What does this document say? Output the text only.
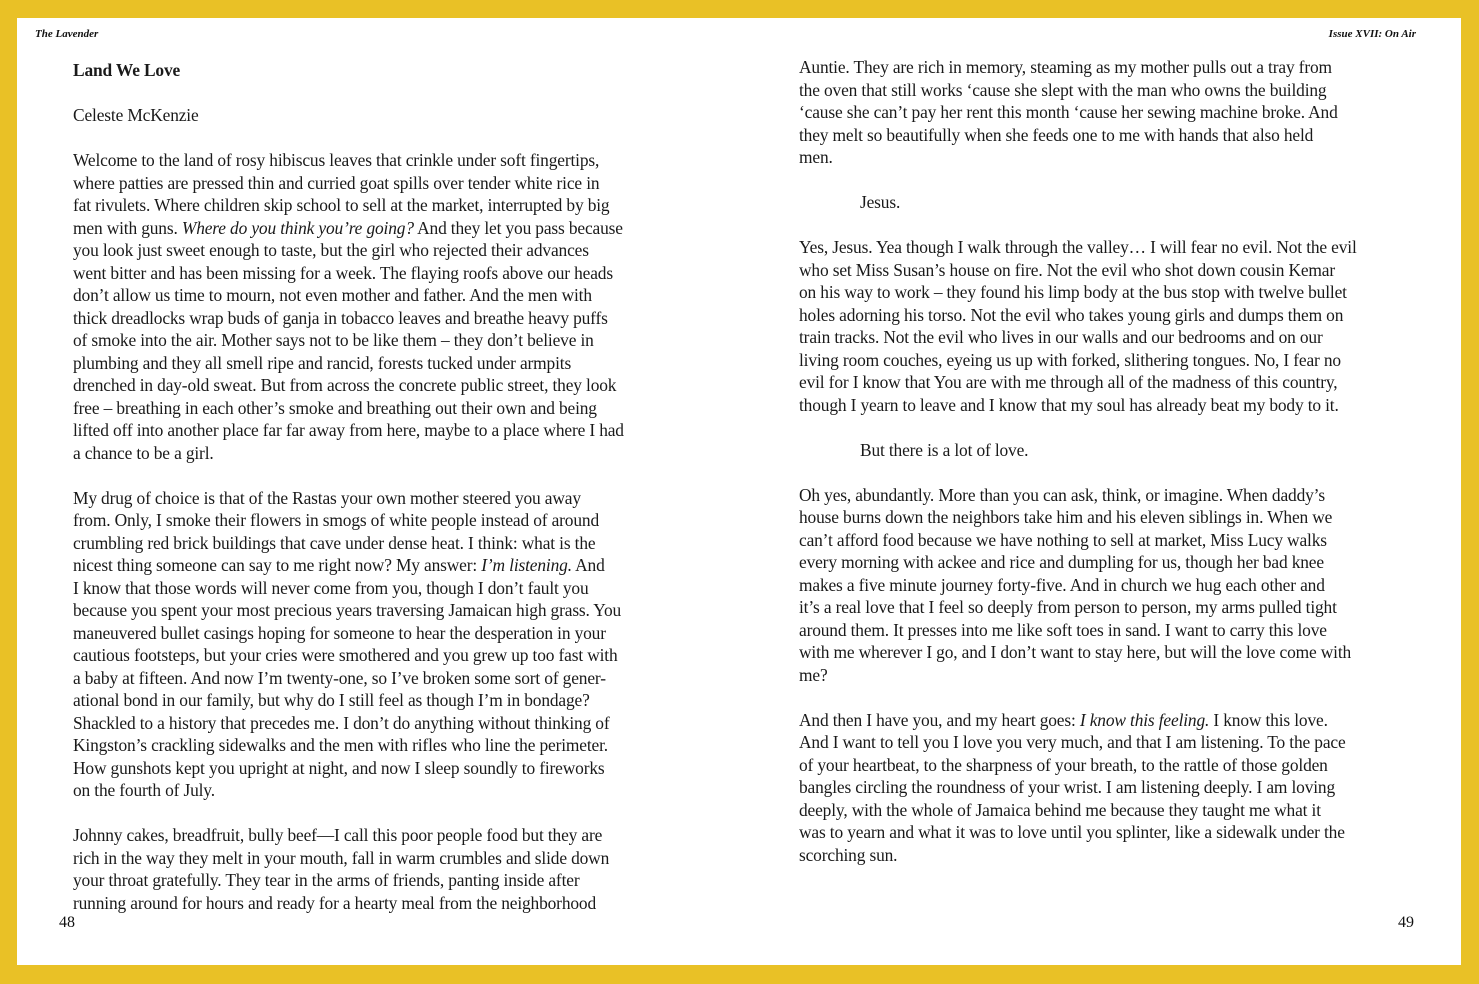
The Lavender	Issue XVII: On Air

Land We Love

Celeste McKenzie

Welcome to the land of rosy hibiscus leaves that crinkle under soft fingertips,
where patties are pressed thin and curried goat spills over tender white rice in
fat rivulets. Where children skip school to sell at the market, interrupted by big
men with guns. Where do you think you’re going? And they let you pass because
you look just sweet enough to taste, but the girl who rejected their advances
went bitter and has been missing for a week. The flaying roofs above our heads
don’t allow us time to mourn, not even mother and father. And the men with
thick dreadlocks wrap buds of ganja in tobacco leaves and breathe heavy puffs
of smoke into the air. Mother says not to be like them – they don’t believe in
plumbing and they all smell ripe and rancid, forests tucked under armpits
drenched in day-old sweat. But from across the concrete public street, they look
free – breathing in each other’s smoke and breathing out their own and being
lifted off into another place far far away from here, maybe to a place where I had
a chance to be a girl.

My drug of choice is that of the Rastas your own mother steered you away
from. Only, I smoke their flowers in smogs of white people instead of around
crumbling red brick buildings that cave under dense heat. I think: what is the
nicest thing someone can say to me right now? My answer: I’m listening. And
I know that those words will never come from you, though I don’t fault you
because you spent your most precious years traversing Jamaican high grass. You
maneuvered bullet casings hoping for someone to hear the desperation in your
cautious footsteps, but your cries were smothered and you grew up too fast with
a baby at fifteen. And now I’m twenty-one, so I’ve broken some sort of gener-
ational bond in our family, but why do I still feel as though I’m in bondage?
Shackled to a history that precedes me. I don’t do anything without thinking of
Kingston’s crackling sidewalks and the men with rifles who line the perimeter.
How gunshots kept you upright at night, and now I sleep soundly to fireworks
on the fourth of July.

Johnny cakes, breadfruit, bully beef—I call this poor people food but they are
rich in the way they melt in your mouth, fall in warm crumbles and slide down
your throat gratefully. They tear in the arms of friends, panting inside after
running around for hours and ready for a hearty meal from the neighborhood

Auntie. They are rich in memory, steaming as my mother pulls out a tray from
the oven that still works ‘cause she slept with the man who owns the building
‘cause she can’t pay her rent this month ‘cause her sewing machine broke. And
they melt so beautifully when she feeds one to me with hands that also held
men.

Jesus.

Yes, Jesus. Yea though I walk through the valley… I will fear no evil. Not the evil
who set Miss Susan’s house on fire. Not the evil who shot down cousin Kemar
on his way to work – they found his limp body at the bus stop with twelve bullet
holes adorning his torso. Not the evil who takes young girls and dumps them on
train tracks. Not the evil who lives in our walls and our bedrooms and on our
living room couches, eyeing us up with forked, slithering tongues. No, I fear no
evil for I know that You are with me through all of the madness of this country,
though I yearn to leave and I know that my soul has already beat my body to it.

But there is a lot of love.

Oh yes, abundantly. More than you can ask, think, or imagine. When daddy’s
house burns down the neighbors take him and his eleven siblings in. When we
can’t afford food because we have nothing to sell at market, Miss Lucy walks
every morning with ackee and rice and dumpling for us, though her bad knee
makes a five minute journey forty-five. And in church we hug each other and
it’s a real love that I feel so deeply from person to person, my arms pulled tight
around them. It presses into me like soft toes in sand. I want to carry this love
with me wherever I go, and I don’t want to stay here, but will the love come with
me?

And then I have you, and my heart goes: I know this feeling. I know this love.
And I want to tell you I love you very much, and that I am listening. To the pace
of your heartbeat, to the sharpness of your breath, to the rattle of those golden
bangles circling the roundness of your wrist. I am listening deeply. I am loving
deeply, with the whole of Jamaica behind me because they taught me what it
was to yearn and what it was to love until you splinter, like a sidewalk under the
scorching sun.

48	49
